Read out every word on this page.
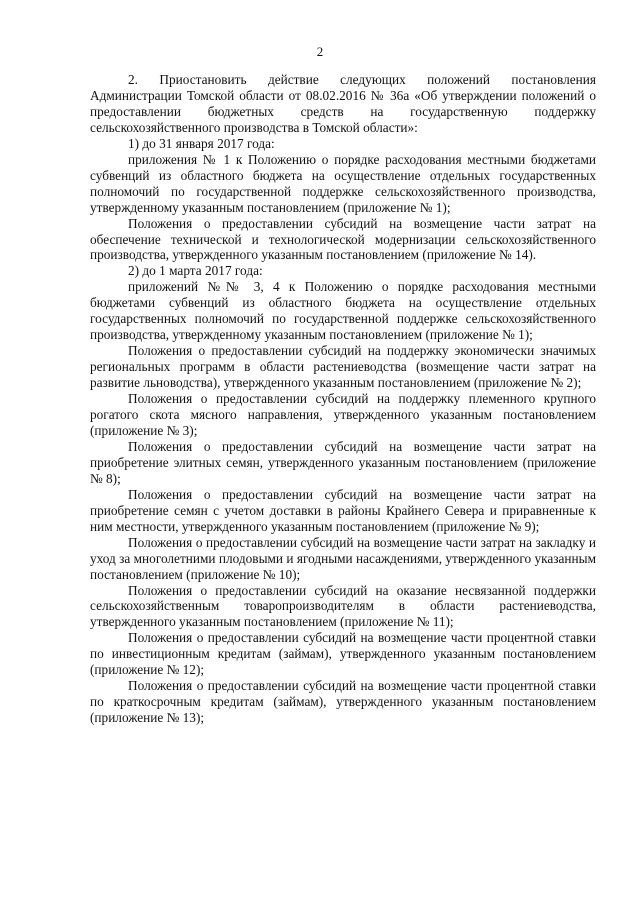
2

2. Приостановить действие следующих положений постановления Администрации Томской области от 08.02.2016 № 36а «Об утверждении положений о предоставлении бюджетных средств на государственную поддержку сельскохозяйственного производства в Томской области»:

1) до 31 января 2017 года:

приложения № 1 к Положению о порядке расходования местными бюджетами субвенций из областного бюджета на осуществление отдельных государственных полномочий по государственной поддержке сельскохозяйственного производства, утвержденному указанным постановлением (приложение № 1);

Положения о предоставлении субсидий на возмещение части затрат на обеспечение технической и технологической модернизации сельскохозяйственного производства, утвержденного указанным постановлением (приложение № 14).

2) до 1 марта 2017 года:

приложений №№ 3, 4 к Положению о порядке расходования местными бюджетами субвенций из областного бюджета на осуществление отдельных государственных полномочий по государственной поддержке сельскохозяйственного производства, утвержденному указанным постановлением (приложение № 1);

Положения о предоставлении субсидий на поддержку экономически значимых региональных программ в области растениеводства (возмещение части затрат на развитие льноводства), утвержденного указанным постановлением (приложение № 2);

Положения о предоставлении субсидий на поддержку племенного крупного рогатого скота мясного направления, утвержденного указанным постановлением (приложение № 3);

Положения о предоставлении субсидий на возмещение части затрат на приобретение элитных семян, утвержденного указанным постановлением (приложение № 8);

Положения о предоставлении субсидий на возмещение части затрат на приобретение семян с учетом доставки в районы Крайнего Севера и приравненные к ним местности, утвержденного указанным постановлением (приложение № 9);

Положения о предоставлении субсидий на возмещение части затрат на закладку и уход за многолетними плодовыми и ягодными насаждениями, утвержденного указанным постановлением (приложение № 10);

Положения о предоставлении субсидий на оказание несвязанной поддержки сельскохозяйственным товаропроизводителям в области растениеводства, утвержденного указанным постановлением (приложение № 11);

Положения о предоставлении субсидий на возмещение части процентной ставки по инвестиционным кредитам (займам), утвержденного указанным постановлением (приложение № 12);

Положения о предоставлении субсидий на возмещение части процентной ставки по краткосрочным кредитам (займам), утвержденного указанным постановлением (приложение № 13);
